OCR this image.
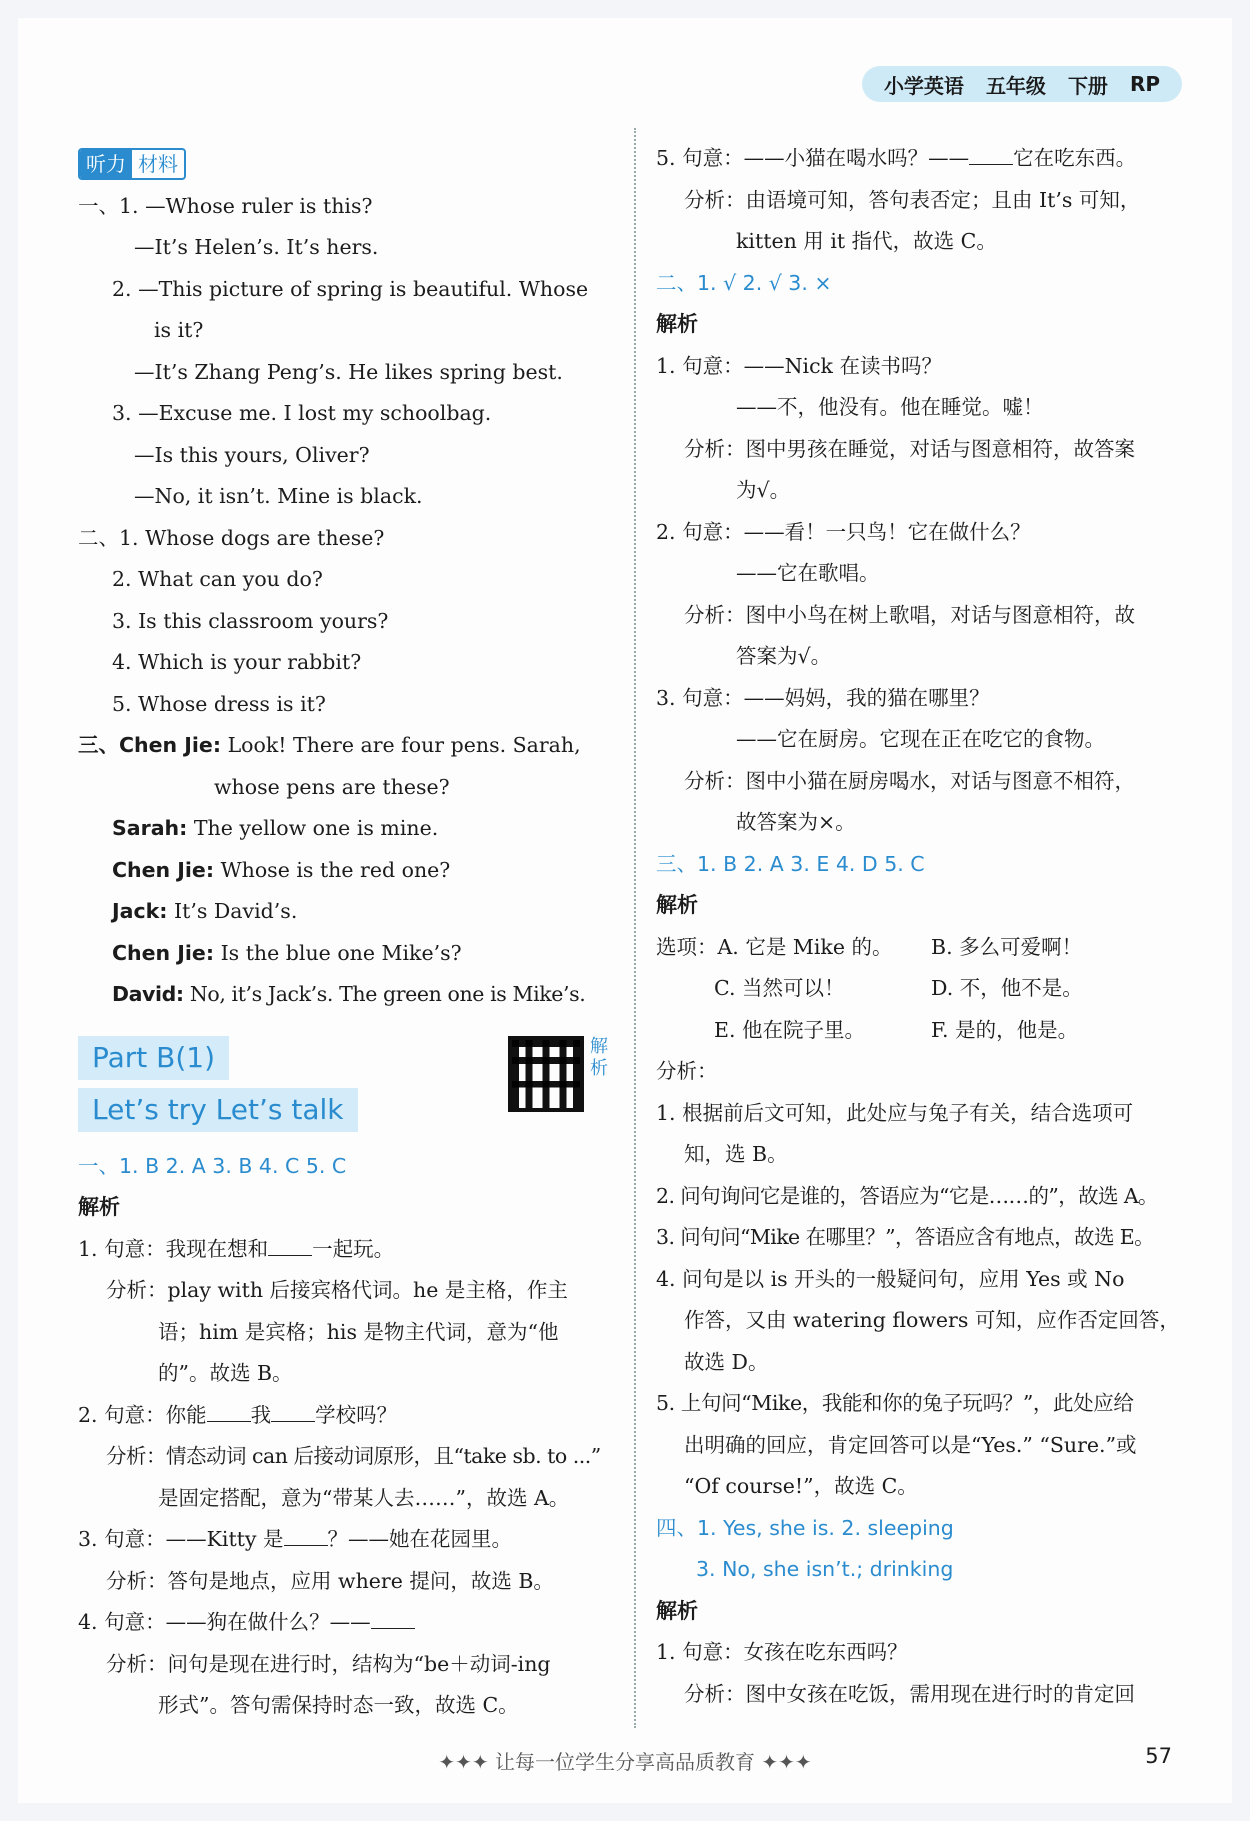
小学英语 五年级 下册 RP
听力 材料
一、1. —Whose ruler is this?
—It’s Helen’s. It’s hers.
2. —This picture of spring is beautiful. Whose
is it?
—It’s Zhang Peng’s. He likes spring best.
3. —Excuse me. I lost my schoolbag.
—Is this yours, Oliver?
—No, it isn’t. Mine is black.
二、1. Whose dogs are these?
2. What can you do?
3. Is this classroom yours?
4. Which is your rabbit?
5. Whose dress is it?
三、Chen Jie: Look! There are four pens. Sarah,
whose pens are these?
Sarah: The yellow one is mine.
Chen Jie: Whose is the red one?
Jack: It’s David’s.
Chen Jie: Is the blue one Mike’s?
David: No, it’s Jack’s. The green one is Mike’s.
Part B(1)
Let’s try Let’s talk
解析
一、1. B 2. A 3. B 4. C 5. C
解析
1. 句意：我现在想和 一起玩。
分析：play with 后接宾格代词。he 是主格，作主
语；him 是宾格；his 是物主代词，意为“他
的”。故选 B。
2. 句意：你能 我 学校吗？
分析：情态动词 can 后接动词原形，且“take sb. to ...”
是固定搭配，意为“带某人去……”，故选 A。
3. 句意：——Kitty 是 ？——她在花园里。
分析：答句是地点，应用 where 提问，故选 B。
4. 句意：——狗在做什么？——
分析：问句是现在进行时，结构为“be＋动词-ing
形式”。答句需保持时态一致，故选 C。
5. 句意：——小猫在喝水吗？—— 它在吃东西。
分析：由语境可知，答句表否定；且由 It’s 可知，
kitten 用 it 指代，故选 C。
二、1. √ 2. √ 3. ×
解析
1. 句意：——Nick 在读书吗？
——不，他没有。他在睡觉。嘘！
分析：图中男孩在睡觉，对话与图意相符，故答案
为√。
2. 句意：——看！一只鸟！它在做什么？
——它在歌唱。
分析：图中小鸟在树上歌唱，对话与图意相符，故
答案为√。
3. 句意：——妈妈，我的猫在哪里？
——它在厨房。它现在正在吃它的食物。
分析：图中小猫在厨房喝水，对话与图意不相符，
故答案为×。
三、1. B 2. A 3. E 4. D 5. C
解析
选项：A. 它是 Mike 的。 B. 多么可爱啊！
C. 当然可以！	D. 不，他不是。
E. 他在院子里。	F. 是的，他是。
分析：
1. 根据前后文可知，此处应与兔子有关，结合选项可
知，选 B。
2. 问句询问它是谁的，答语应为“它是……的”，故选 A。
3. 问句问“Mike 在哪里？”，答语应含有地点，故选 E。
4. 问句是以 is 开头的一般疑问句，应用 Yes 或 No
作答，又由 watering flowers 可知，应作否定回答，
故选 D。
5. 上句问“Mike，我能和你的兔子玩吗？”，此处应给
出明确的回应，肯定回答可以是“Yes.” “Sure.”或
“Of course!”，故选 C。
四、1. Yes, she is. 2. sleeping
3. No, she isn’t.; drinking
解析
1. 句意：女孩在吃东西吗？
分析：图中女孩在吃饭，需用现在进行时的肯定回
✦✦✦ 让每一位学生分享高品质教育 ✦✦✦	57
